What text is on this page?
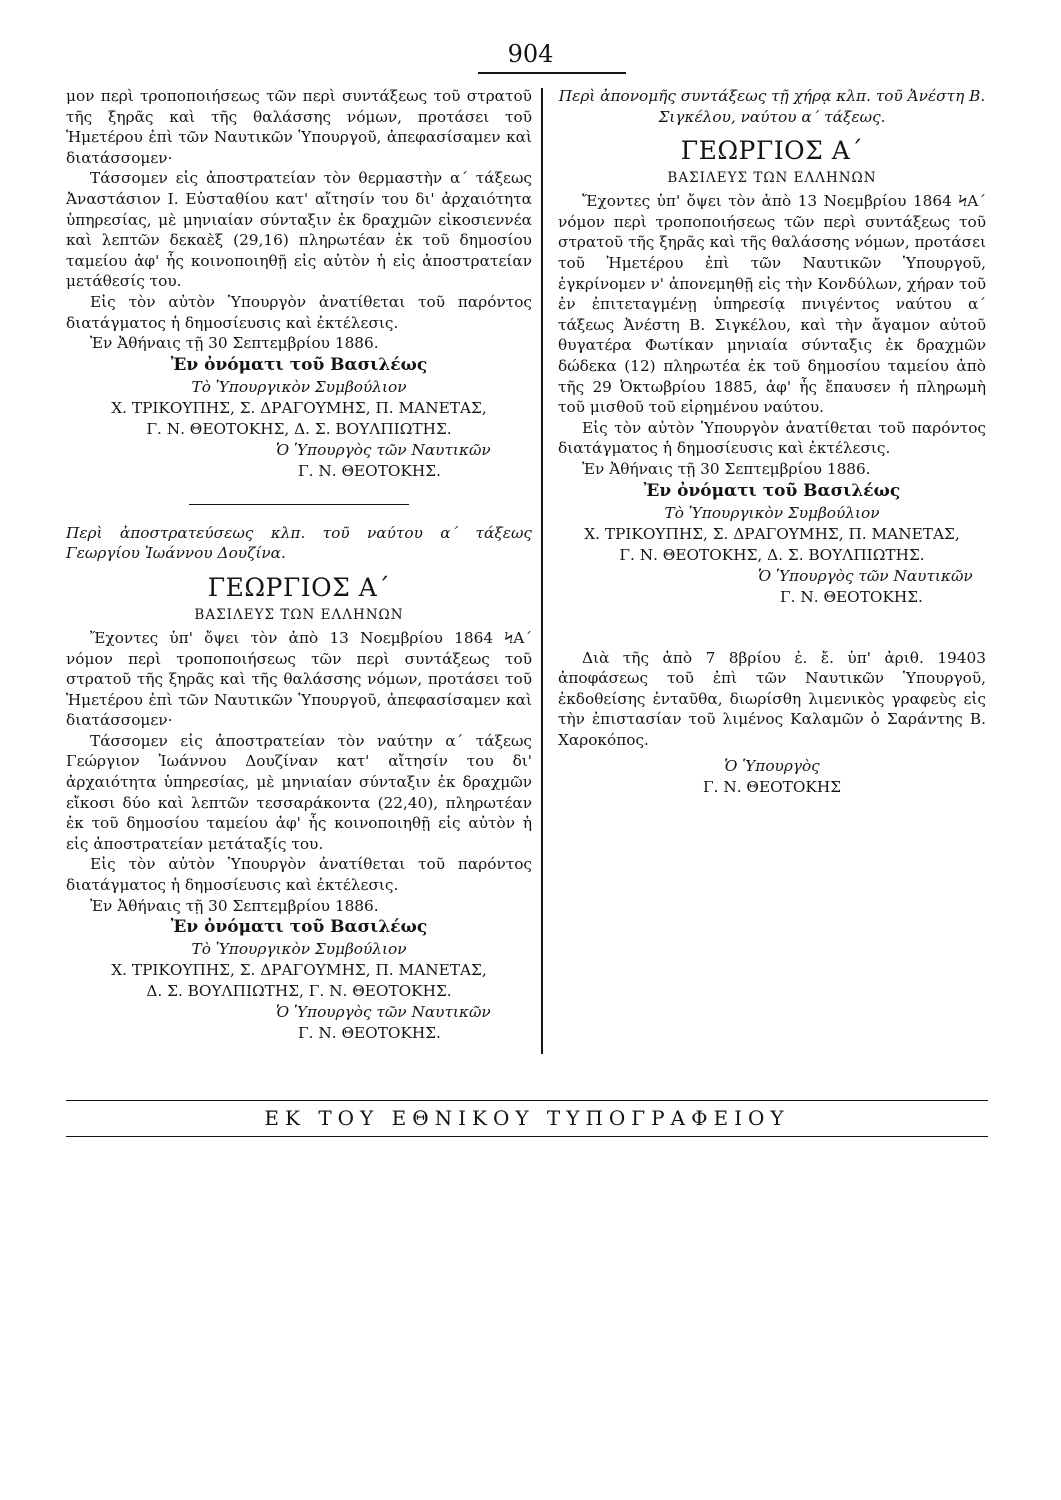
904

μον περὶ τροποποιήσεως τῶν περὶ συντάξεως τοῦ στρατοῦ τῆς ξηρᾶς καὶ τῆς θαλάσσης νόμων, προτάσει τοῦ Ἡμετέρου ἐπὶ τῶν Ναυτικῶν Ὑπουργοῦ, ἀπεφασίσαμεν καὶ διατάσσομεν·

Τάσσομεν εἰς ἀποστρατείαν τὸν θερμαστὴν α΄ τάξεως Ἀναστάσιον Ι. Εὐσταθίου κατ' αἴτησίν του δι' ἀρχαιότητα ὑπηρεσίας, μὲ μηνιαίαν σύνταξιν ἐκ δραχμῶν εἰκοσιεννέα καὶ λεπτῶν δεκαὲξ (29,16) πληρωτέαν ἐκ τοῦ δημοσίου ταμείου ἀφ' ἧς κοινοποιηθῇ εἰς αὐτὸν ἡ εἰς ἀποστρατείαν μετάθεσίς του.

Εἰς τὸν αὐτὸν Ὑπουργὸν ἀνατίθεται τοῦ παρόντος διατάγματος ἡ δημοσίευσις καὶ ἐκτέλεσις.

Ἐν Ἀθήναις τῇ 30 Σεπτεμβρίου 1886.

Ἐν ὀνόματι τοῦ Βασιλέως
Τὸ Ὑπουργικὸν Συμβούλιον
Χ. ΤΡΙΚΟΥΠΗΣ, Σ. ΔΡΑΓΟΥΜΗΣ, Π. ΜΑΝΕΤΑΣ,
Γ. Ν. ΘΕΟΤΟΚΗΣ, Δ. Σ. ΒΟΥΛΠΙΩΤΗΣ.
Ὁ Ὑπουργὸς τῶν Ναυτικῶν
Γ. Ν. ΘΕΟΤΟΚΗΣ.

Περὶ ἀποστρατεύσεως κλπ. τοῦ ναύτου α΄ τάξεως Γεωργίου Ἰωάννου Δουζίνα.

ΓΕΩΡΓΙΟΣ Α΄
ΒΑΣΙΛΕΥΣ ΤΩΝ ΕΛΛΗΝΩΝ

Ἔχοντες ὑπ' ὄψει τὸν ἀπὸ 13 Νοεμβρίου 1864 ϞΑ΄ νόμον περὶ τροποποιήσεως τῶν περὶ συντάξεως τοῦ στρατοῦ τῆς ξηρᾶς καὶ τῆς θαλάσσης νόμων, προτάσει τοῦ Ἡμετέρου ἐπὶ τῶν Ναυτικῶν Ὑπουργοῦ, ἀπεφασίσαμεν καὶ διατάσσομεν·

Τάσσομεν εἰς ἀποστρατείαν τὸν ναύτην α΄ τάξεως Γεώργιον Ἰωάννου Δουζίναν κατ' αἴτησίν του δι' ἀρχαιότητα ὑπηρεσίας, μὲ μηνιαίαν σύνταξιν ἐκ δραχμῶν εἴκοσι δύο καὶ λεπτῶν τεσσαράκοντα (22,40), πληρωτέαν ἐκ τοῦ δημοσίου ταμείου ἀφ' ἧς κοινοποιηθῇ εἰς αὐτὸν ἡ εἰς ἀποστρατείαν μετάταξίς του.

Εἰς τὸν αὐτὸν Ὑπουργὸν ἀνατίθεται τοῦ παρόντος διατάγματος ἡ δημοσίευσις καὶ ἐκτέλεσις.

Ἐν Ἀθήναις τῇ 30 Σεπτεμβρίου 1886.

Ἐν ὀνόματι τοῦ Βασιλέως
Τὸ Ὑπουργικὸν Συμβούλιον
Χ. ΤΡΙΚΟΥΠΗΣ, Σ. ΔΡΑΓΟΥΜΗΣ, Π. ΜΑΝΕΤΑΣ,
Δ. Σ. ΒΟΥΛΠΙΩΤΗΣ, Γ. Ν. ΘΕΟΤΟΚΗΣ.
Ὁ Ὑπουργὸς τῶν Ναυτικῶν
Γ. Ν. ΘΕΟΤΟΚΗΣ.

Περὶ ἀπονομῆς συντάξεως τῇ χήρᾳ κλπ. τοῦ Ἀνέστη Β. Σιγκέλου, ναύτου α΄ τάξεως.

ΓΕΩΡΓΙΟΣ Α΄
ΒΑΣΙΛΕΥΣ ΤΩΝ ΕΛΛΗΝΩΝ

Ἔχοντες ὑπ' ὄψει τὸν ἀπὸ 13 Νοεμβρίου 1864 ϞΑ΄ νόμον περὶ τροποποιήσεως τῶν περὶ συντάξεως τοῦ στρατοῦ τῆς ξηρᾶς καὶ τῆς θαλάσσης νόμων, προτάσει τοῦ Ἡμετέρου ἐπὶ τῶν Ναυτικῶν Ὑπουργοῦ, ἐγκρίνομεν ν' ἀπονεμηθῇ εἰς τὴν Κονδύλων, χήραν τοῦ ἐν ἐπιτεταγμένῃ ὑπηρεσίᾳ πνιγέντος ναύτου α΄ τάξεως Ἀνέστη Β. Σιγκέλου, καὶ τὴν ἄγαμον αὐτοῦ θυγατέρα Φωτίκαν μηνιαία σύνταξις ἐκ δραχμῶν δώδεκα (12) πληρωτέα ἐκ τοῦ δημοσίου ταμείου ἀπὸ τῆς 29 Ὀκτωβρίου 1885, ἀφ' ἧς ἔπαυσεν ἡ πληρωμὴ τοῦ μισθοῦ τοῦ εἰρημένου ναύτου.

Εἰς τὸν αὐτὸν Ὑπουργὸν ἀνατίθεται τοῦ παρόντος διατάγματος ἡ δημοσίευσις καὶ ἐκτέλεσις.

Ἐν Ἀθήναις τῇ 30 Σεπτεμβρίου 1886.

Ἐν ὀνόματι τοῦ Βασιλέως
Τὸ Ὑπουργικὸν Συμβούλιον
Χ. ΤΡΙΚΟΥΠΗΣ, Σ. ΔΡΑΓΟΥΜΗΣ, Π. ΜΑΝΕΤΑΣ,
Γ. Ν. ΘΕΟΤΟΚΗΣ, Δ. Σ. ΒΟΥΛΠΙΩΤΗΣ.
Ὁ Ὑπουργὸς τῶν Ναυτικῶν
Γ. Ν. ΘΕΟΤΟΚΗΣ.

Διὰ τῆς ἀπὸ 7 8βρίου ἐ. ἔ. ὑπ' ἀριθ. 19403 ἀποφάσεως τοῦ ἐπὶ τῶν Ναυτικῶν Ὑπουργοῦ, ἐκδοθείσης ἐνταῦθα, διωρίσθη λιμενικὸς γραφεὺς εἰς τὴν ἐπιστασίαν τοῦ λιμένος Καλαμῶν ὁ Σαράντης Β. Χαροκόπος.

Ὁ Ὑπουργὸς
Γ. Ν. ΘΕΟΤΟΚΗΣ
ΕΚ ΤΟΥ ΕΘΝΙΚΟΥ ΤΥΠΟΓΡΑΦΕΙΟΥ
